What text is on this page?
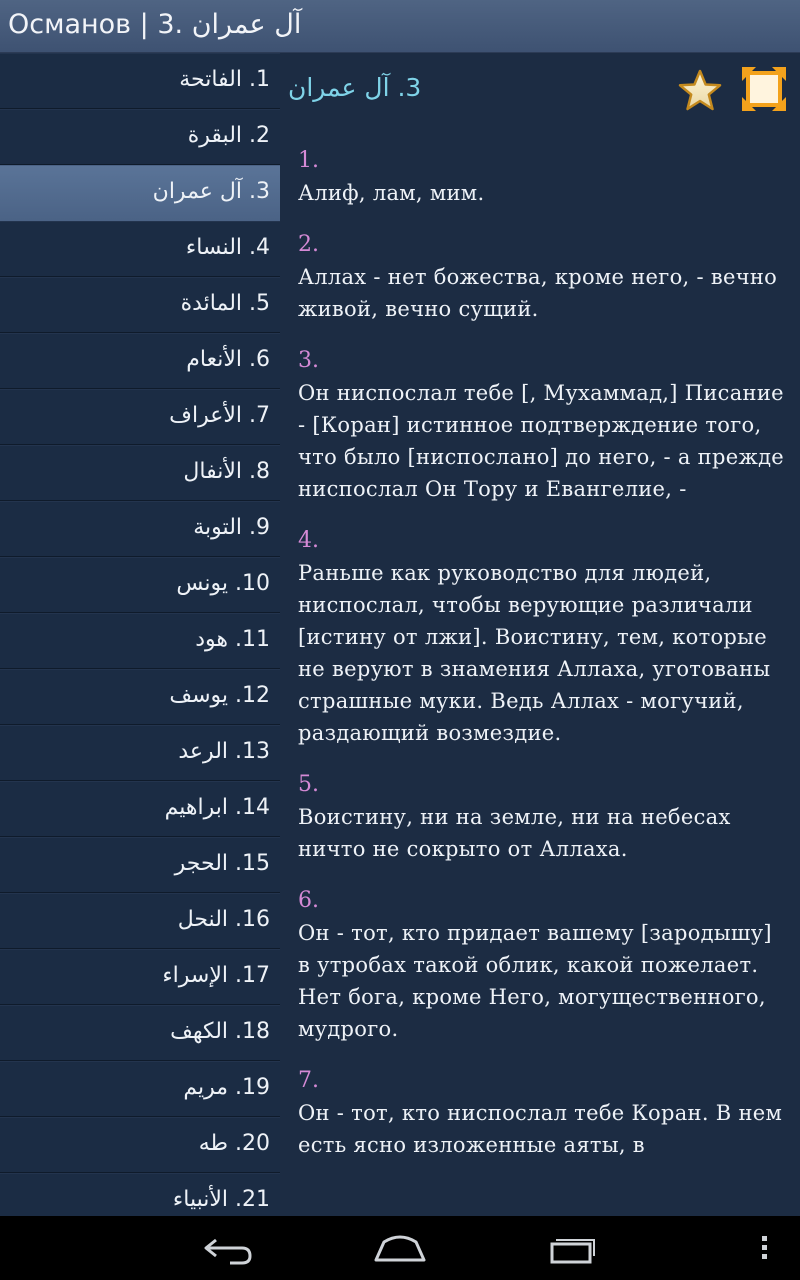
Османов | 3. آل عمران
1. الفاتحة
2. البقرة
3. آل عمران
4. النساء
5. المائدة
6. الأنعام
7. الأعراف
8. الأنفال
9. التوبة
10. يونس
11. هود
12. يوسف
13. الرعد
14. ابراهيم
15. الحجر
16. النحل
17. الإسراء
18. الكهف
19. مريم
20. طه
21. الأنبياء
3. آل عمران
1.
Алиф, лам, мим.
2.
Аллах - нет божества, кроме него, - вечно живой, вечно сущий.
3.
Он ниспослал тебе [, Мухаммад,] Писание - [Коран] истинное подтверждение того, что было [ниспослано] до него, - а прежде ниспослал Он Тору и Евангелие, -
4.
Раньше как руководство для людей, ниспослал, чтобы верующие различали [истину от лжи]. Воистину, тем, которые не веруют в знамения Аллаха, уготованы страшные муки. Ведь Аллах - могучий, раздающий возмездие.
5.
Воистину, ни на земле, ни на небесах ничто не сокрыто от Аллаха.
6.
Он - тот, кто придает вашему [зародышу] в утробах такой облик, какой пожелает. Нет бога, кроме Него, могущественного, мудрого.
7.
Он - тот, кто ниспослал тебе Коран. В нем есть ясно изложенные аяты, в
